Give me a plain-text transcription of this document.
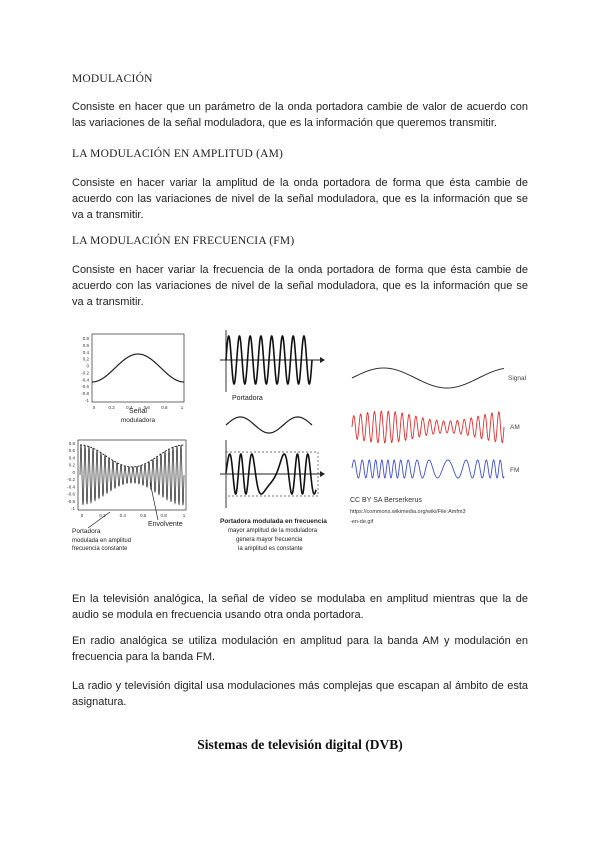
MODULACIÓN
Consiste en hacer que un parámetro de la onda portadora cambie de valor de acuerdo con las variaciones de la señal moduladora, que es la información que queremos transmitir.
LA MODULACIÓN EN AMPLITUD (AM)
Consiste en hacer variar la amplitud de la onda portadora de forma que ésta cambie de acuerdo con las variaciones de nivel de la señal moduladora, que es la información que se va a transmitir.
LA MODULACIÓN EN FRECUENCIA (FM)
Consiste en hacer variar la frecuencia de la onda portadora de forma que ésta cambie de acuerdo con las variaciones de nivel de la señal moduladora, que es la información que se va a transmitir.
0.8
0.6
0.4
0.2
0
-0.2
-0.4
-0.6
-0.8
-1
0	0.2	0.4	0.6	0.8	1
Señal
moduladora
0.8
0.6
0.4
0.2
0
-0.2
-0.4
-0.6
-0.8
-1
0	0.2	0.4	0.6	0.8	1
Portadora
modulada en amplitud
frecuencia constante
Envolvente
Portadora
Portadora modulada en frecuencia
mayor amplitud de la moduladora
genera mayor frecuencia
la amplitud es constante
Signal
AM
FM
CC BY SA Berserkerus
https://commons.wikimedia.org/wiki/File:Amfm3
-en-de.gif
En la televisión analógica, la señal de vídeo se modulaba en amplitud mientras que la de audio se modula en frecuencia usando otra onda portadora.
En radio analógica se utiliza modulación en amplitud para la banda AM y modulación en frecuencia para la banda FM.
La radio y televisión digital usa modulaciones más complejas que escapan al ámbito de esta asignatura.
Sistemas de televisión digital (DVB)
